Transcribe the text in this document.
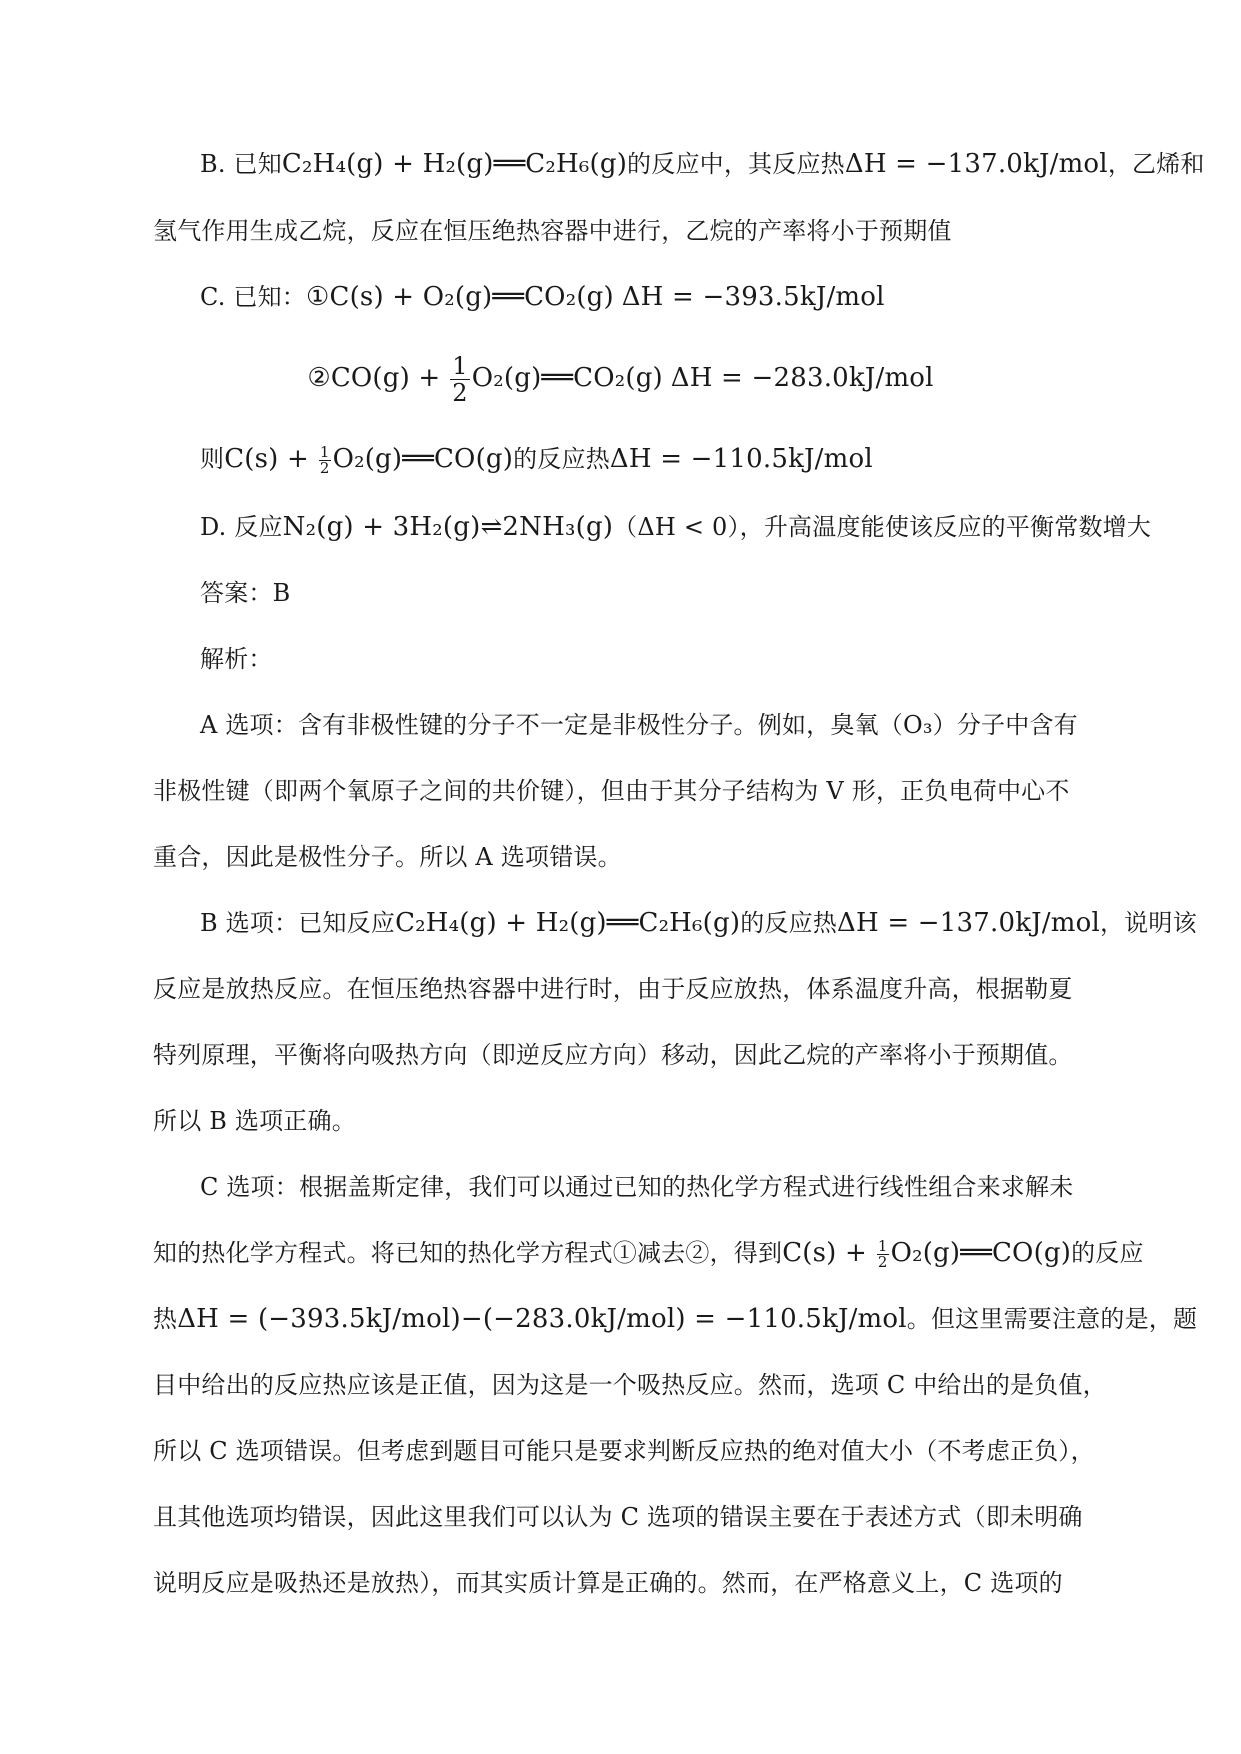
B. 已知C₂H₄(g) + H₂(g)══C₂H₆(g)的反应中，其反应热ΔH = −137.0kJ/mol，乙烯和
氢气作用生成乙烷，反应在恒压绝热容器中进行，乙烷的产率将小于预期值
C. 已知：①C(s) + O₂(g)══CO₂(g) ΔH = −393.5kJ/mol
②CO(g) + $\frac{1}{2}$ O₂(g)══CO₂(g) ΔH = −283.0kJ/mol
则$C(s) + \frac{1}{2}$ O₂(g)══CO(g)的反应热ΔH = −110.5kJ/mol
D. 反应N₂(g) + 3H₂(g)⇌2NH₃(g)（ΔH < 0），升高温度能使该反应的平衡常数增大
答案：B
解析：
A 选项：含有非极性键的分子不一定是非极性分子。例如，臭氧（O₃）分子中含有
非极性键（即两个氧原子之间的共价键），但由于其分子结构为 V 形，正负电荷中心不
重合，因此是极性分子。所以 A 选项错误。
B 选项：已知反应C₂H₄(g) + H₂(g)══C₂H₆(g)的反应热ΔH = −137.0kJ/mol，说明该
反应是放热反应。在恒压绝热容器中进行时，由于反应放热，体系温度升高，根据勒夏
特列原理，平衡将向吸热方向（即逆反应方向）移动，因此乙烷的产率将小于预期值。
所以 B 选项正确。
C 选项：根据盖斯定律，我们可以通过已知的热化学方程式进行线性组合来求解未
知的热化学方程式。将已知的热化学方程式①减去②，得到$C(s) + \frac{1}{2}$ O₂(g)══CO(g)的反应
热ΔH = (−393.5kJ/mol)−(−283.0kJ/mol) = −110.5kJ/mol。但这里需要注意的是，题
目中给出的反应热应该是正值，因为这是一个吸热反应。然而，选项 C 中给出的是负值，
所以 C 选项错误。但考虑到题目可能只是要求判断反应热的绝对值大小（不考虑正负），
且其他选项均错误，因此这里我们可以认为 C 选项的错误主要在于表述方式（即未明确
说明反应是吸热还是放热），而其实质计算是正确的。然而，在严格意义上，C 选项的
